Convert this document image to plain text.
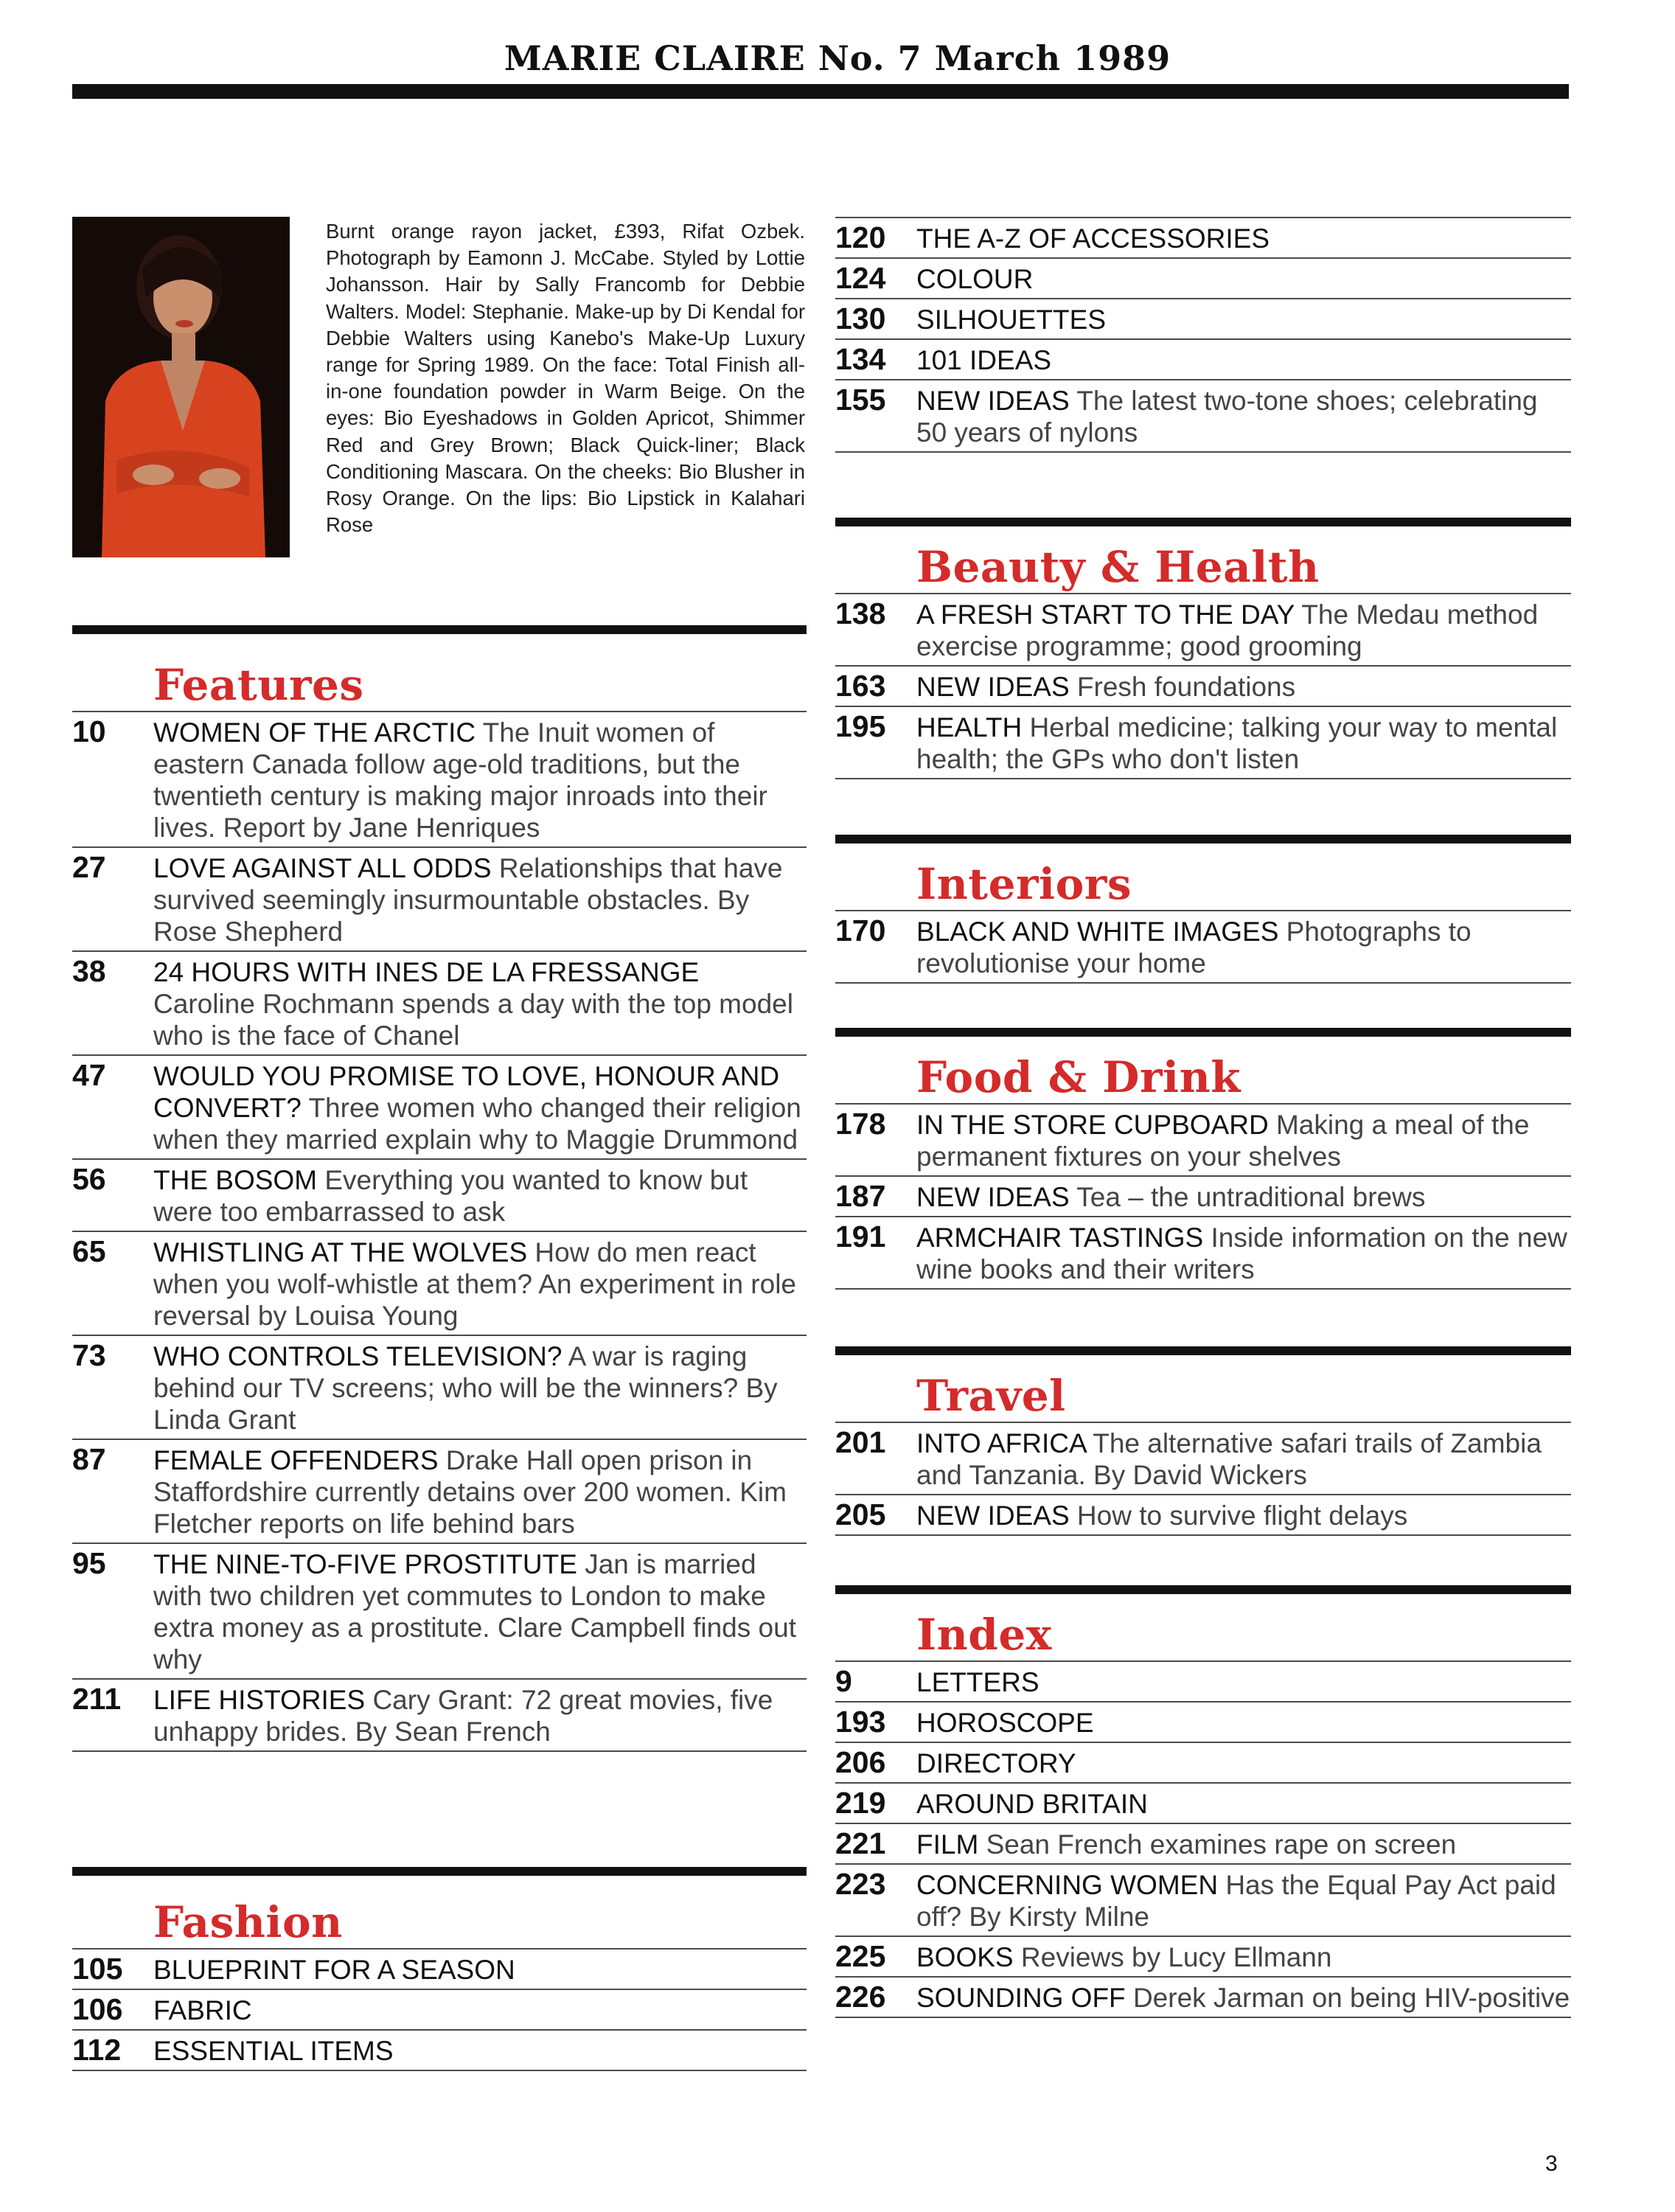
MARIE CLAIRE No. 7 March 1989
Burnt orange rayon jacket, £393, Rifat Ozbek. Photograph by Eamonn J. McCabe. Styled by Lottie Johansson. Hair by Sally Francomb for Debbie Walters. Model: Stephanie. Make-up by Di Kendal for Debbie Walters using Kanebo's Make-Up Luxury range for Spring 1989. On the face: Total Finish all-in-one foundation powder in Warm Beige. On the eyes: Bio Eyeshadows in Golden Apricot, Shimmer Red and Grey Brown; Black Quick-liner; Black Conditioning Mascara. On the cheeks: Bio Blusher in Rosy Orange. On the lips: Bio Lipstick in Kalahari Rose
Features
10 WOMEN OF THE ARCTIC The Inuit women of eastern Canada follow age-old traditions, but the twentieth century is making major inroads into their lives. Report by Jane Henriques
27 LOVE AGAINST ALL ODDS Relationships that have survived seemingly insurmountable obstacles. By Rose Shepherd
38 24 HOURS WITH INES DE LA FRESSANGE Caroline Rochmann spends a day with the top model who is the face of Chanel
47 WOULD YOU PROMISE TO LOVE, HONOUR AND CONVERT? Three women who changed their religion when they married explain why to Maggie Drummond
56 THE BOSOM Everything you wanted to know but were too embarrassed to ask
65 WHISTLING AT THE WOLVES How do men react when you wolf-whistle at them? An experiment in role reversal by Louisa Young
73 WHO CONTROLS TELEVISION? A war is raging behind our TV screens; who will be the winners? By Linda Grant
87 FEMALE OFFENDERS Drake Hall open prison in Staffordshire currently detains over 200 women. Kim Fletcher reports on life behind bars
95 THE NINE-TO-FIVE PROSTITUTE Jan is married with two children yet commutes to London to make extra money as a prostitute. Clare Campbell finds out why
211 LIFE HISTORIES Cary Grant: 72 great movies, five unhappy brides. By Sean French
Fashion
105 BLUEPRINT FOR A SEASON
106 FABRIC
112 ESSENTIAL ITEMS
120 THE A-Z OF ACCESSORIES
124 COLOUR
130 SILHOUETTES
134 101 IDEAS
155 NEW IDEAS The latest two-tone shoes; celebrating 50 years of nylons
Beauty & Health
138 A FRESH START TO THE DAY The Medau method exercise programme; good grooming
163 NEW IDEAS Fresh foundations
195 HEALTH Herbal medicine; talking your way to mental health; the GPs who don't listen
Interiors
170 BLACK AND WHITE IMAGES Photographs to revolutionise your home
Food & Drink
178 IN THE STORE CUPBOARD Making a meal of the permanent fixtures on your shelves
187 NEW IDEAS Tea – the untraditional brews
191 ARMCHAIR TASTINGS Inside information on the new wine books and their writers
Travel
201 INTO AFRICA The alternative safari trails of Zambia and Tanzania. By David Wickers
205 NEW IDEAS How to survive flight delays
Index
9 LETTERS
193 HOROSCOPE
206 DIRECTORY
219 AROUND BRITAIN
221 FILM Sean French examines rape on screen
223 CONCERNING WOMEN Has the Equal Pay Act paid off? By Kirsty Milne
225 BOOKS Reviews by Lucy Ellmann
226 SOUNDING OFF Derek Jarman on being HIV-positive
3
